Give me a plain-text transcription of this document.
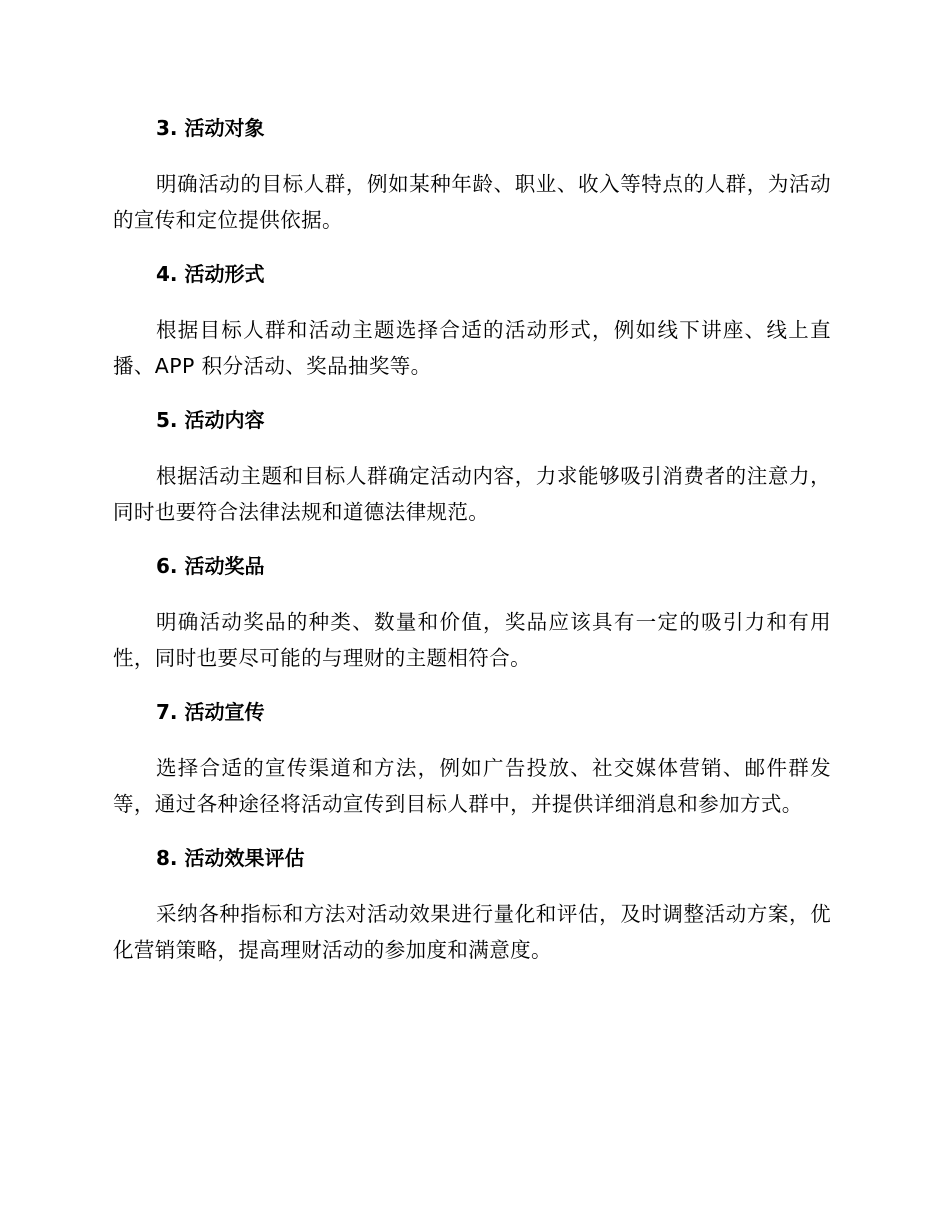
3. 活动对象

明确活动的目标人群，例如某种年龄、职业、收入等特点的人群，为活动的宣传和定位提供依据。

4. 活动形式

根据目标人群和活动主题选择合适的活动形式，例如线下讲座、线上直播、APP 积分活动、奖品抽奖等。

5. 活动内容

根据活动主题和目标人群确定活动内容，力求能够吸引消费者的注意力，同时也要符合法律法规和道德法律规范。

6. 活动奖品

明确活动奖品的种类、数量和价值，奖品应该具有一定的吸引力和有用性，同时也要尽可能的与理财的主题相符合。

7. 活动宣传

选择合适的宣传渠道和方法，例如广告投放、社交媒体营销、邮件群发等，通过各种途径将活动宣传到目标人群中，并提供详细消息和参加方式。

8. 活动效果评估

采纳各种指标和方法对活动效果进行量化和评估，及时调整活动方案，优化营销策略，提高理财活动的参加度和满意度。
